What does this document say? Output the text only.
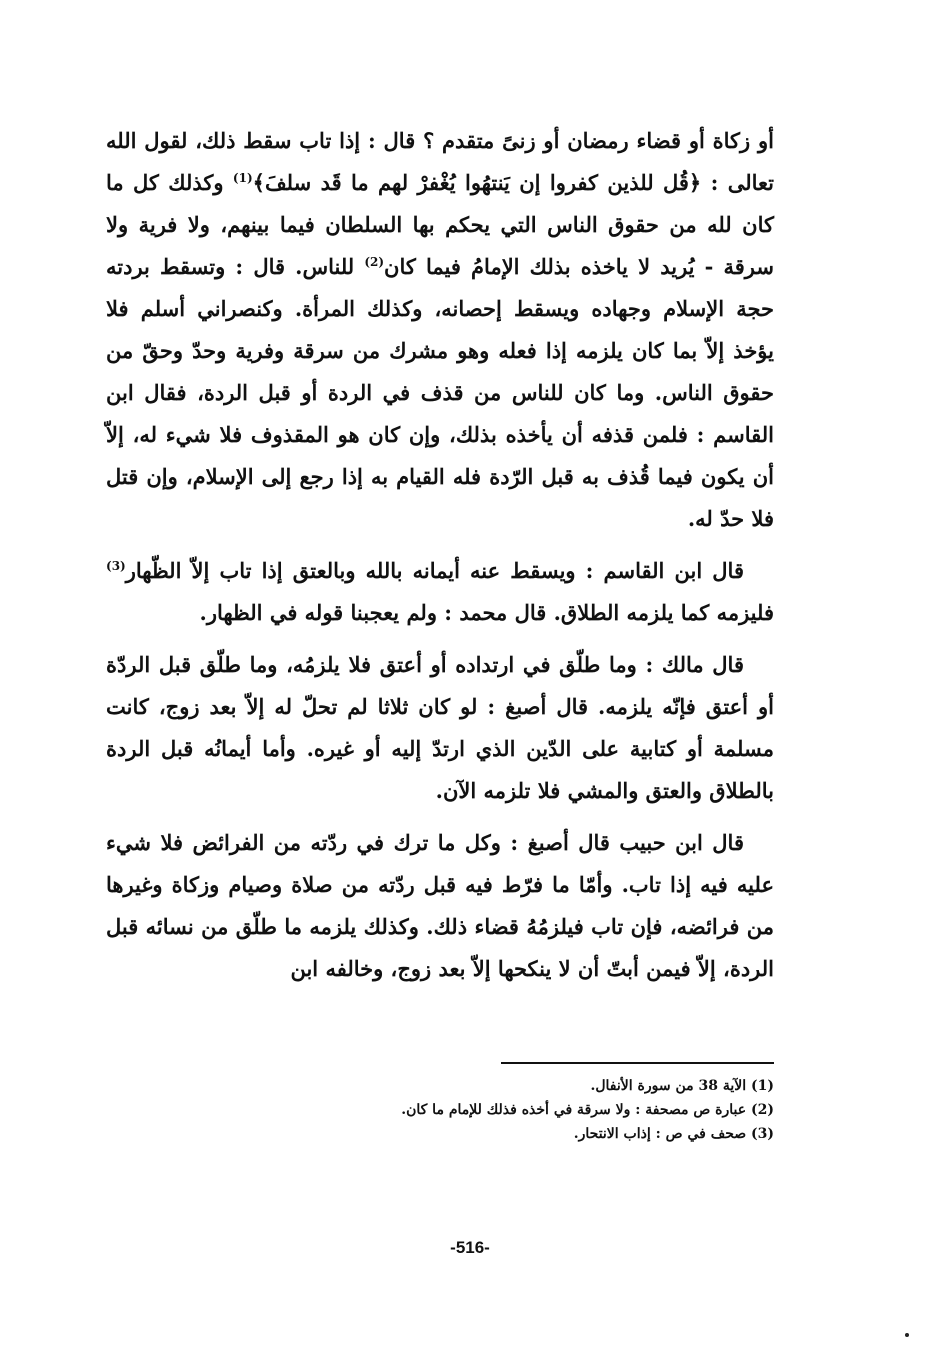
أو زكاة أو قضاء رمضان أو زنىً متقدم ؟ قال : إذا تاب سقط ذلك، لقول الله تعالى : ﴿قُل للذين كفروا إن يَنتهُوا يُغْفرْ لهم ما قَد سلفَ﴾$^{(1)}$ وكذلك كل ما كان لله من حقوق الناس التي يحكم بها السلطان فيما بينهم، ولا فرية ولا سرقة - يُريد لا ياخذه بذلك الإمامُ فيما كان$^{(2)}$ للناس. قال : وتسقط بردته حجة الإسلام وجهاده ويسقط إحصانه، وكذلك المرأة. وكنصراني أسلم فلا يؤخذ إلاّ بما كان يلزمه إذا فعله وهو مشرك من سرقة وفرية وحدّ وحقّ من حقوق الناس. وما كان للناس من قذف في الردة أو قبل الردة، فقال ابن القاسم : فلمن قذفه أن يأخذه بذلك، وإن كان هو المقذوف فلا شيء له، إلاّ أن يكون فيما قُذف به قبل الرّدة فله القيام به إذا رجع إلى الإسلام، وإن قتل فلا حدّ له.

قال ابن القاسم : ويسقط عنه أيمانه بالله وبالعتق إذا تاب إلاّ الظّهار$^{(3)}$ فليزمه كما يلزمه الطلاق. قال محمد : ولم يعجبنا قوله في الظهار.

قال مالك : وما طلّق في ارتداده أو أعتق فلا يلزمُه، وما طلّق قبل الردّة أو أعتق فإنّه يلزمه. قال أصبغ : لو كان ثلاثا لم تحلّ له إلاّ بعد زوج، كانت مسلمة أو كتابية على الدّين الذي ارتدّ إليه أو غيره. وأما أيمانُه قبل الردة بالطلاق والعتق والمشي فلا تلزمه الآن.

قال ابن حبيب قال أصبغ : وكل ما ترك في ردّته من الفرائض فلا شيء عليه فيه إذا تاب. وأمّا ما فرّط فيه قبل ردّته من صلاة وصيام وزكاة وغيرها من فرائضه، فإن تاب فيلزمُهُ قضاء ذلك. وكذلك يلزمه ما طلّق من نسائه قبل الردة، إلاّ فيمن أبتّ أن لا ينكحها إلاّ بعد زوج، وخالفه ابن

(1) الآية 38 من سورة الأنفال.

(2) عبارة ص مصحفة : ولا سرقة في أخذه فذلك للإمام ما كان.

(3) صحف في ص : إذاب الانتحار.

-516-
